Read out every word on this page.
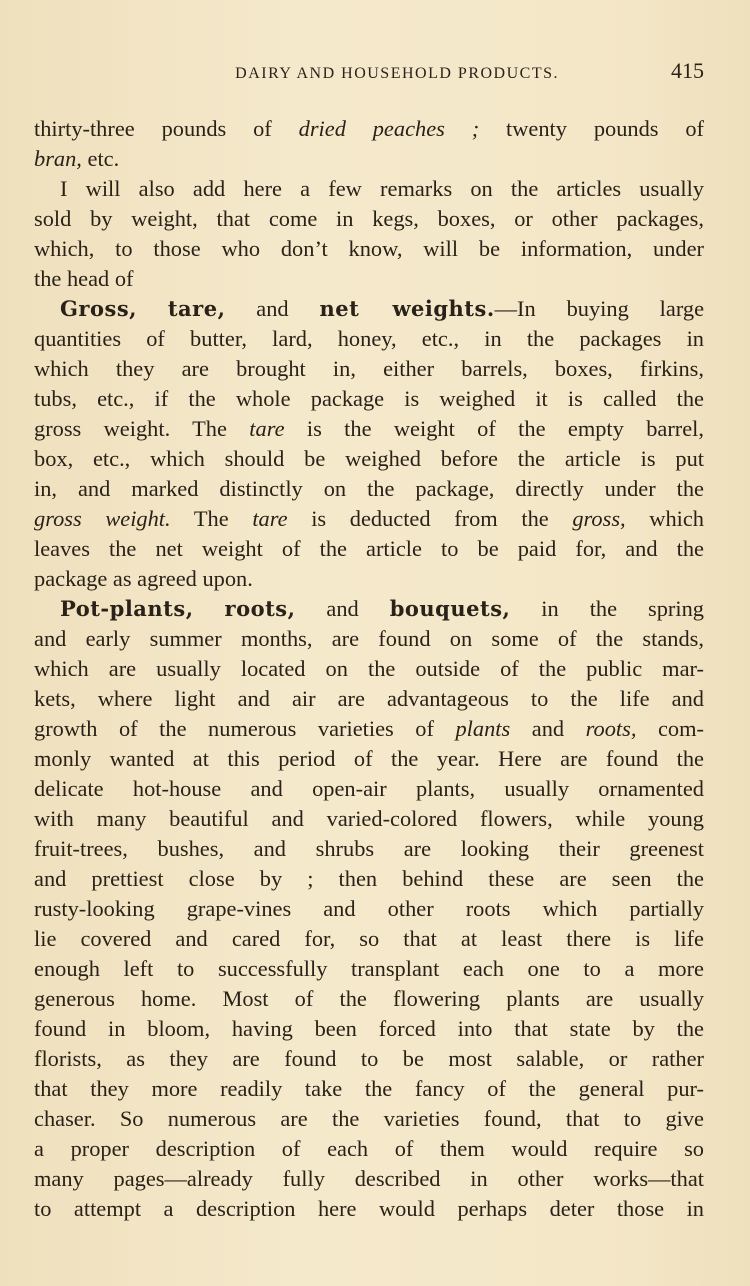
DAIRY AND HOUSEHOLD PRODUCTS.	415
thirty-three pounds of dried peaches ; twenty pounds of
bran, etc.
I will also add here a few remarks on the articles usually
sold by weight, that come in kegs, boxes, or other packages,
which, to those who don’t know, will be information, under
the head of
Gross, tare, and net weights.—In buying large
quantities of butter, lard, honey, etc., in the packages in
which they are brought in, either barrels, boxes, firkins,
tubs, etc., if the whole package is weighed it is called the
gross weight. The tare is the weight of the empty barrel,
box, etc., which should be weighed before the article is put
in, and marked distinctly on the package, directly under the
gross weight. The tare is deducted from the gross, which
leaves the net weight of the article to be paid for, and the
package as agreed upon.
Pot-plants, roots, and bouquets, in the spring
and early summer months, are found on some of the stands,
which are usually located on the outside of the public mar-
kets, where light and air are advantageous to the life and
growth of the numerous varieties of plants and roots, com-
monly wanted at this period of the year. Here are found the
delicate hot-house and open-air plants, usually ornamented
with many beautiful and varied-colored flowers, while young
fruit-trees, bushes, and shrubs are looking their greenest
and prettiest close by ; then behind these are seen the
rusty-looking grape-vines and other roots which partially
lie covered and cared for, so that at least there is life
enough left to successfully transplant each one to a more
generous home. Most of the flowering plants are usually
found in bloom, having been forced into that state by the
florists, as they are found to be most salable, or rather
that they more readily take the fancy of the general pur-
chaser. So numerous are the varieties found, that to give
a proper description of each of them would require so
many pages—already fully described in other works—that
to attempt a description here would perhaps deter those in
